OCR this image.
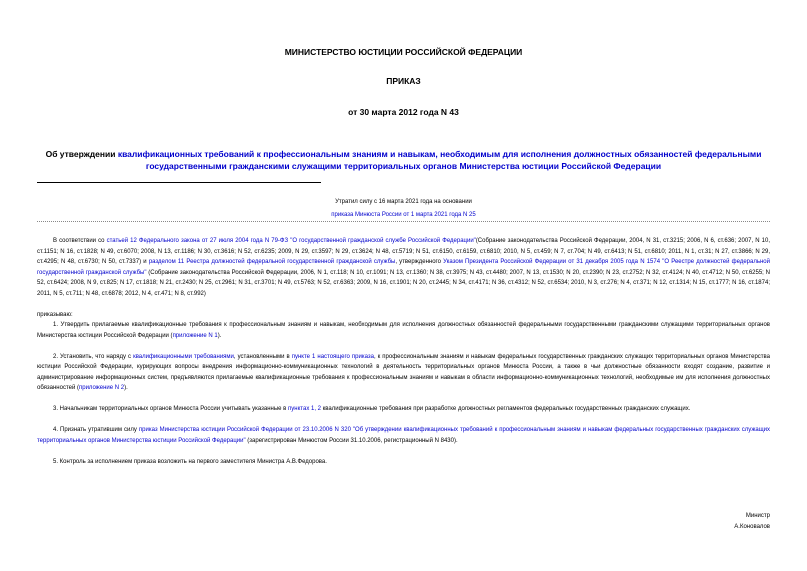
МИНИСТЕРСТВО ЮСТИЦИИ РОССИЙСКОЙ ФЕДЕРАЦИИ
ПРИКАЗ
от 30 марта 2012 года N 43
Об утверждении квалификационных требований к профессиональным знаниям и навыкам, необходимым для исполнения должностных обязанностей федеральными государственными гражданскими служащими территориальных органов Министерства юстиции Российской Федерации
Утратил силу с 16 марта 2021 года на основании
приказа Минюста России от 1 марта 2021 года N 25

В соответствии со статьей 12 Федерального закона от 27 июля 2004 года N 79-ФЗ "О государственной гражданской службе Российской Федерации"(Собрание законодательства Российской Федерации, 2004, N 31, ст.3215; 2006, N 6, ст.636; 2007, N 10, ст.1151; N 16, ст.1828; N 49, ст.6070; 2008, N 13, ст.1186; N 30, ст.3616; N 52, ст.6235; 2009, N 29, ст.3597; N 29, ст.3624; N 48, ст.5719; N 51, ст.6150, ст.6159, ст.6810; 2010, N 5, ст.459; N 7, ст.704; N 49, ст.6413; N 51, ст.6810; 2011, N 1, ст.31; N 27, ст.3866; N 29, ст.4295; N 48, ст.6730; N 50, ст.7337) и разделом 11 Реестра должностей федеральной государственной гражданской службы, утвержденного Указом Президента Российской Федерации от 31 декабря 2005 года N 1574 "О Реестре должностей федеральной государственной гражданской службы" (Собрание законодательства Российской Федерации, 2006, N 1, ст.118; N 10, ст.1091; N 13, ст.1360; N 38, ст.3975; N 43, ст.4480; 2007, N 13, ст.1530; N 20, ст.2390; N 23, ст.2752; N 32, ст.4124; N 40, ст.4712; N 50, ст.6255; N 52, ст.6424; 2008, N 9, ст.825; N 17, ст.1818; N 21, ст.2430; N 25, ст.2961; N 31, ст.3701; N 49, ст.5763; N 52, ст.6363; 2009, N 16, ст.1901; N 20, ст.2445; N 34, ст.4171; N 36, ст.4312; N 52, ст.6534; 2010, N 3, ст.276; N 4, ст.371; N 12, ст.1314; N 15, ст.1777; N 16, ст.1874; 2011, N 5, ст.711; N 48, ст.6878; 2012, N 4, ст.471; N 8, ст.992)

приказываю:

1. Утвердить прилагаемые квалификационные требования к профессиональным знаниям и навыкам, необходимым для исполнения должностных обязанностей федеральными государственными гражданскими служащими территориальных органов Министерства юстиции Российской Федерации (приложение N 1).

2. Установить, что наряду с квалификационными требованиями, установленными в пункте 1 настоящего приказа, к профессиональным знаниям и навыкам федеральных государственных гражданских служащих территориальных органов Министерства юстиции Российской Федерации, курирующих вопросы внедрения информационно-коммуникационных технологий в деятельность территориальных органов Минюста России, а также в чьи должностные обязанности входят создание, развитие и администрирование информационных систем, предъявляются прилагаемые квалификационные требования к профессиональным знаниям и навыкам в области информационно-коммуникационных технологий, необходимые им для исполнения должностных обязанностей (приложение N 2).

3. Начальникам территориальных органов Минюста России учитывать указанные в пунктах 1, 2 квалификационные требования при разработке должностных регламентов федеральных государственных гражданских служащих.

4. Признать утратившим силу приказ Министерства юстиции Российской Федерации от 23.10.2006 N 320 "Об утверждении квалификационных требований к профессиональным знаниям и навыкам федеральных государственных гражданских служащих территориальных органов Министерства юстиции Российской Федерации" (зарегистрирован Минюстом России 31.10.2006, регистрационный N 8430).

5. Контроль за исполнением приказа возложить на первого заместителя Министра А.В.Федорова.

Министр
А.Коновалов
